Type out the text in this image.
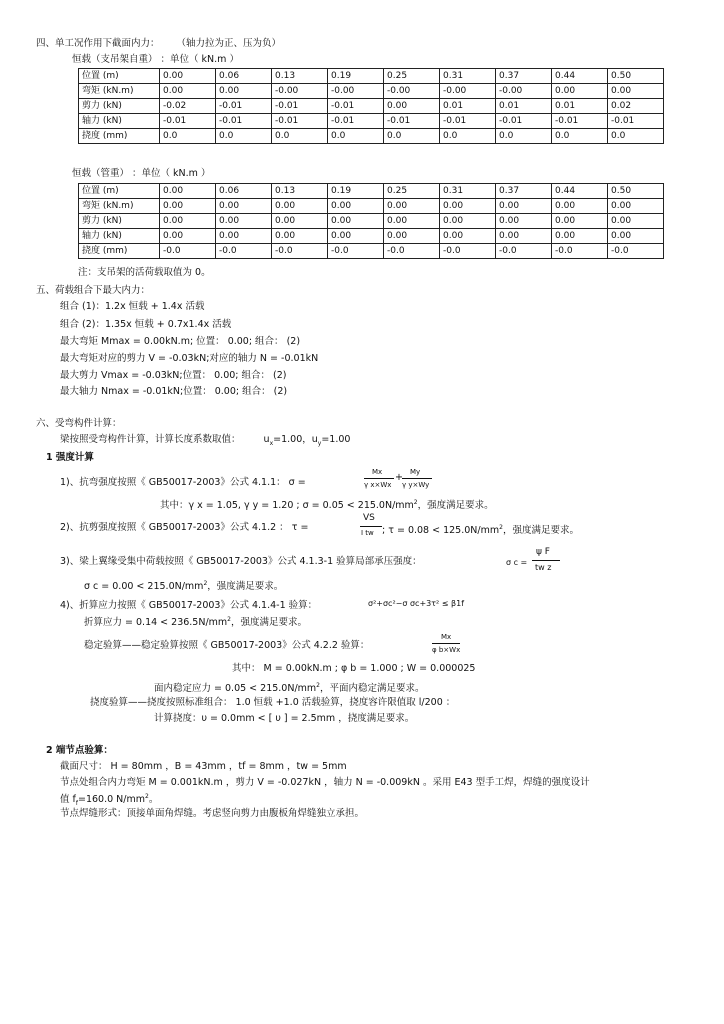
四、单工况作用下截面内力： （轴力拉为正、压为负）
恒载（支吊架自重） ：单位（ kN.m ）
位置 (m)	0.00	0.06	0.13	0.19	0.25	0.31	0.37	0.44	0.50
弯矩 (kN.m)	0.00	0.00	-0.00	-0.00	-0.00	-0.00	-0.00	0.00	0.00
剪力 (kN)	-0.02	-0.01	-0.01	-0.01	0.00	0.01	0.01	0.01	0.02
轴力 (kN)	-0.01	-0.01	-0.01	-0.01	-0.01	-0.01	-0.01	-0.01	-0.01
挠度 (mm)	0.0	0.0	0.0	0.0	0.0	0.0	0.0	0.0	0.0
恒载（管重） ：单位（ kN.m ）
位置 (m)	0.00	0.06	0.13	0.19	0.25	0.31	0.37	0.44	0.50
弯矩 (kN.m)	0.00	0.00	0.00	0.00	0.00	0.00	0.00	0.00	0.00
剪力 (kN)	0.00	0.00	0.00	0.00	0.00	0.00	0.00	0.00	0.00
轴力 (kN)	0.00	0.00	0.00	0.00	0.00	0.00	0.00	0.00	0.00
挠度 (mm)	-0.0	-0.0	-0.0	-0.0	-0.0	-0.0	-0.0	-0.0	-0.0
注：支吊架的活荷载取值为 0。
五、荷载组合下最大内力：
组合 (1)：1.2x 恒载 + 1.4x 活载
组合 (2)：1.35x 恒载 + 0.7x1.4x 活载
最大弯矩 Mmax = 0.00kN.m; 位置： 0.00; 组合： (2)
最大弯矩对应的剪力 V = -0.03kN;对应的轴力 N = -0.01kN
最大剪力 Vmax = -0.03kN;位置： 0.00; 组合： (2)
最大轴力 Nmax = -0.01kN;位置： 0.00; 组合： (2)
六、受弯构件计算：
梁按照受弯构件计算，计算长度系数取值： $u_x=1.00$，$u_y=1.00$
1 强度计算
1)、抗弯强度按照《 GB50017-2003》公式 4.1.1： σ =
Mx
γ x×Wx
+ My
γ y×Wy
其中：γ x = 1.05, γ y = 1.20 ; $\sigma = 0.05 < 215.0N/mm^2$，强度满足要求。
2)、抗剪强度按照《 GB50017-2003》公式 4.1.2 ： τ =
VS
I tw ; $\tau = 0.08 < 125.0N/mm^2$，强度满足要求。
3)、梁上翼缘受集中荷载按照《 GB50017-2003》公式 4.1.3-1 验算局部承压强度：	σ c =
ψ F
tw z
σ $c = 0.00 < 215.0N/mm^2$，强度满足要求。
4)、折算应力按照《 GB50017-2003》公式 4.1.4-1 验算：	σ²+σc²−σ σc+3τ² ≤ β1f
折算应力 = $0.14 < 236.5N/mm^2$，强度满足要求。
稳定验算——稳定验算按照《 GB50017-2003》公式 4.2.2 验算：
Mx
φ b×Wx
其中： M = 0.00kN.m ; φ b = 1.000 ; W = 0.000025
面内稳定应力 = $0.05 < 215.0N/mm^2$，平面内稳定满足要求。
挠度验算——挠度按照标准组合： 1.0 恒载 +1.0 活载验算，挠度容许限值取 l/200 ：
计算挠度：υ = 0.0mm < [ υ ] = 2.5mm ，挠度满足要求。
2 端节点验算：
截面尺寸： H = 80mm ，B = 43mm ，tf = 8mm ，tw = 5mm
节点处组合内力弯矩 M = 0.001kN.m ，剪力 V = -0.027kN ，轴力 N = -0.009kN 。采用 E43 型手工焊，焊缝的强度设计
值 $f_f=160.0$ $N/mm^2$。
节点焊缝形式：顶接单面角焊缝。考虑竖向剪力由腹板角焊缝独立承担。
